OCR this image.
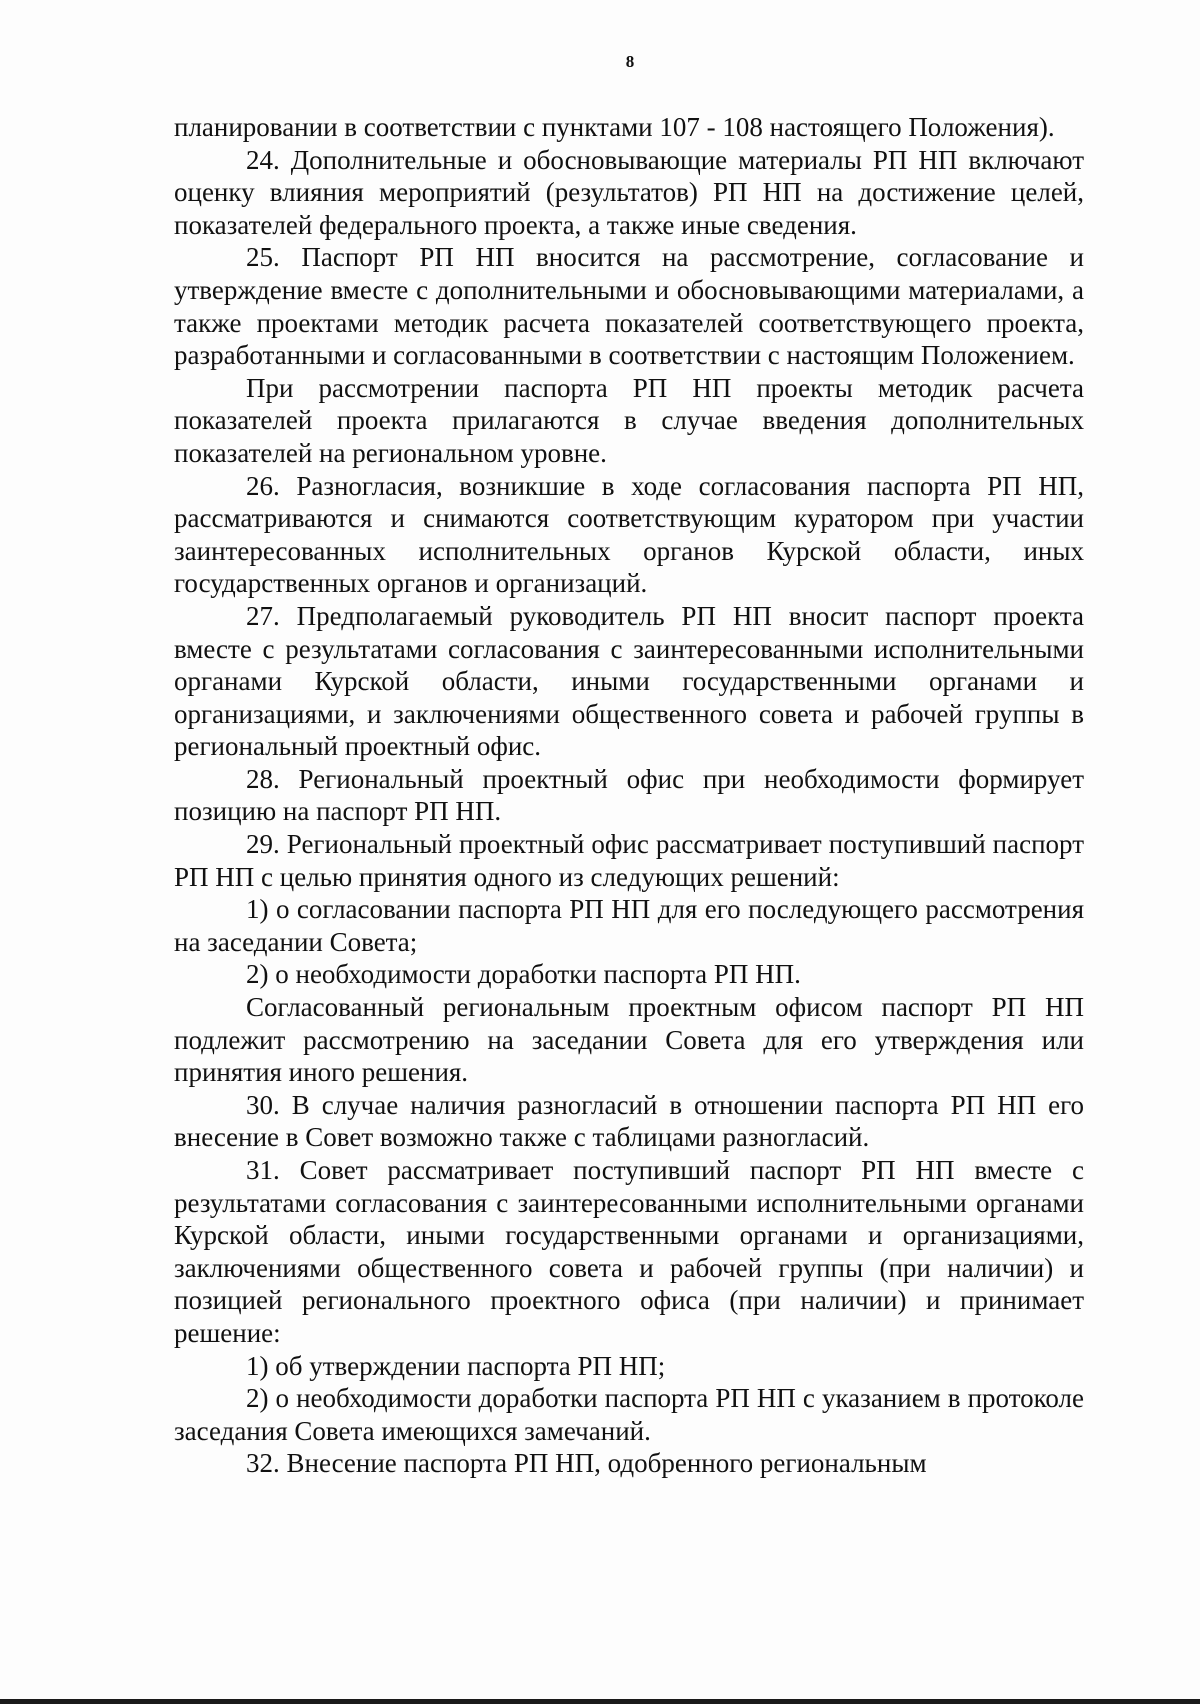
8

планировании в соответствии с пунктами 107 - 108 настоящего Положения).

24. Дополнительные и обосновывающие материалы РП НП включают оценку влияния мероприятий (результатов) РП НП на достижение целей, показателей федерального проекта, а также иные сведения.

25. Паспорт РП НП вносится на рассмотрение, согласование и утверждение вместе с дополнительными и обосновывающими материалами, а также проектами методик расчета показателей соответствующего проекта, разработанными и согласованными в соответствии с настоящим Положением.

При рассмотрении паспорта РП НП проекты методик расчета показателей проекта прилагаются в случае введения дополнительных показателей на региональном уровне.

26. Разногласия, возникшие в ходе согласования паспорта РП НП, рассматриваются и снимаются соответствующим куратором при участии заинтересованных исполнительных органов Курской области, иных государственных органов и организаций.

27. Предполагаемый руководитель РП НП вносит паспорт проекта вместе с результатами согласования с заинтересованными исполнительными органами Курской области, иными государственными органами и организациями, и заключениями общественного совета и рабочей группы в региональный проектный офис.

28. Региональный проектный офис при необходимости формирует позицию на паспорт РП НП.

29. Региональный проектный офис рассматривает поступивший паспорт РП НП с целью принятия одного из следующих решений:

1) о согласовании паспорта РП НП для его последующего рассмотрения на заседании Совета;

2) о необходимости доработки паспорта РП НП.

Согласованный региональным проектным офисом паспорт РП НП подлежит рассмотрению на заседании Совета для его утверждения или принятия иного решения.

30. В случае наличия разногласий в отношении паспорта РП НП его внесение в Совет возможно также с таблицами разногласий.

31. Совет рассматривает поступивший паспорт РП НП вместе с результатами согласования с заинтересованными исполнительными органами Курской области, иными государственными органами и организациями, заключениями общественного совета и рабочей группы (при наличии) и позицией регионального проектного офиса (при наличии) и принимает решение:

1) об утверждении паспорта РП НП;

2) о необходимости доработки паспорта РП НП с указанием в протоколе заседания Совета имеющихся замечаний.

32. Внесение паспорта РП НП, одобренного региональным
